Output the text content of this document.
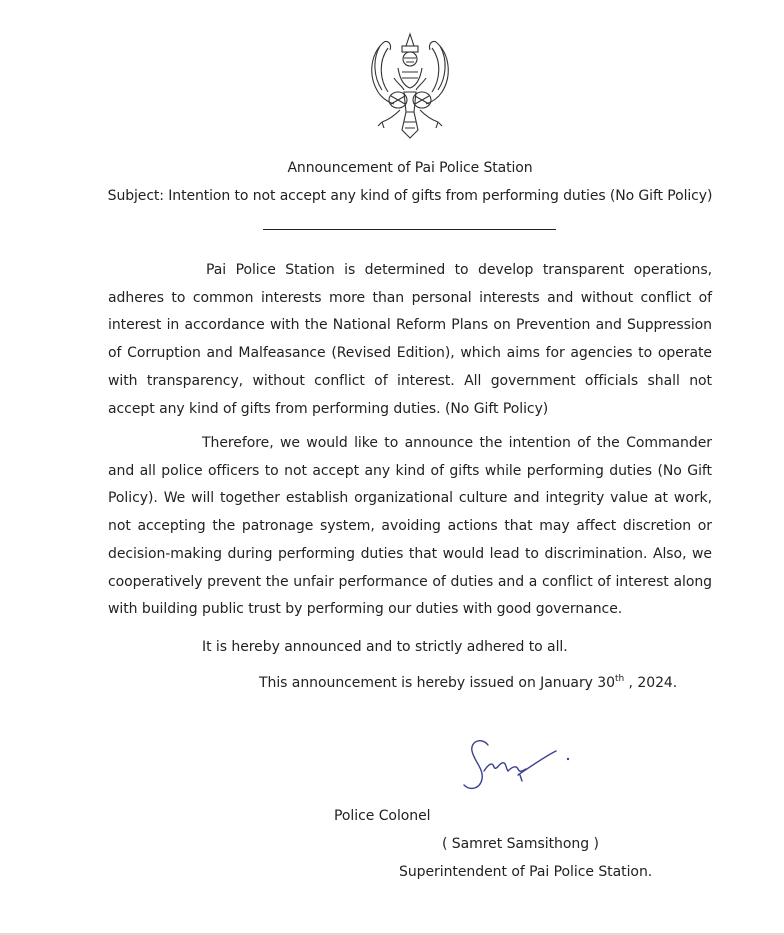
Announcement of Pai Police Station
Subject: Intention to not accept any kind of gifts from performing duties (No Gift Policy)
Pai Police Station is determined to develop transparent operations, adheres to common interests more than personal interests and without conflict of interest in accordance with the National Reform Plans on Prevention and Suppression of Corruption and Malfeasance (Revised Edition), which aims for agencies to operate with transparency, without conflict of interest. All government officials shall not accept any kind of gifts from performing duties. (No Gift Policy)
Therefore, we would like to announce the intention of the Commander and all police officers to not accept any kind of gifts while performing duties (No Gift Policy). We will together establish organizational culture and integrity value at work, not accepting the patronage system, avoiding actions that may affect discretion or decision-making during performing duties that would lead to discrimination. Also, we cooperatively prevent the unfair performance of duties and a conflict of interest along with building public trust by performing our duties with good governance.
It is hereby announced and to strictly adhered to all.
This announcement is hereby issued on January 30th , 2024.
Police Colonel
( Samret Samsithong )
Superintendent of Pai Police Station.
